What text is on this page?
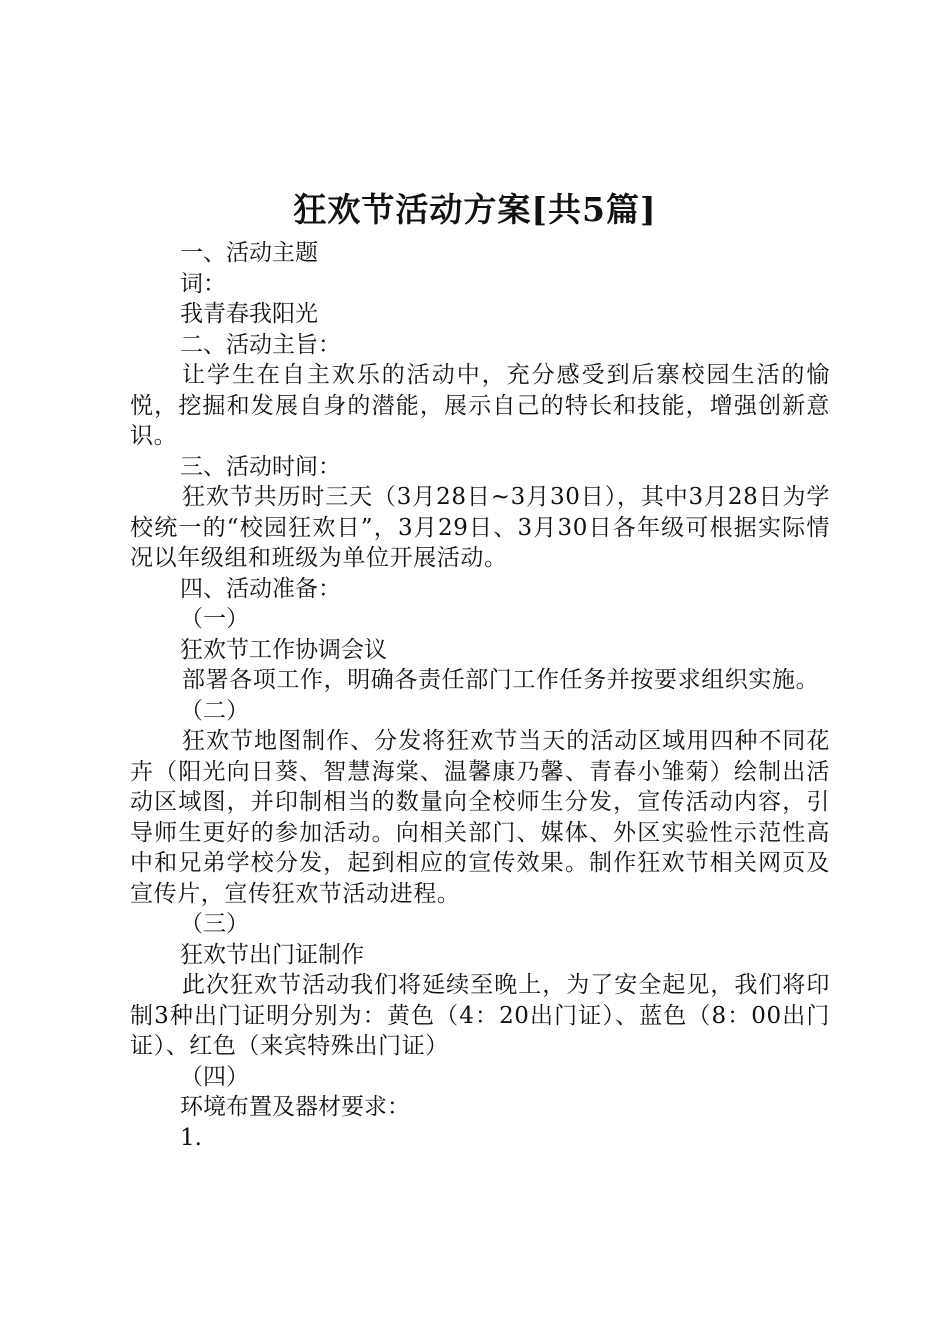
狂欢节活动方案[共5篇]
一、活动主题
词：
我青春我阳光
二、活动主旨：
让学生在自主欢乐的活动中，充分感受到后寨校园生活的愉悦，挖掘和发展自身的潜能，展示自己的特长和技能，增强创新意识。
三、活动时间：
狂欢节共历时三天（3月28日~3月30日），其中3月28日为学校统一的“校园狂欢日”，3月29日、3月30日各年级可根据实际情况以年级组和班级为单位开展活动。
四、活动准备：
（一）
狂欢节工作协调会议
部署各项工作，明确各责任部门工作任务并按要求组织实施。
（二）
狂欢节地图制作、分发将狂欢节当天的活动区域用四种不同花卉（阳光向日葵、智慧海棠、温馨康乃馨、青春小雏菊）绘制出活动区域图，并印制相当的数量向全校师生分发，宣传活动内容，引导师生更好的参加活动。向相关部门、媒体、外区实验性示范性高中和兄弟学校分发，起到相应的宣传效果。制作狂欢节相关网页及宣传片，宣传狂欢节活动进程。
（三）
狂欢节出门证制作
此次狂欢节活动我们将延续至晚上，为了安全起见，我们将印制3种出门证明分别为：黄色（4：20出门证）、蓝色（8：00出门证）、红色（来宾特殊出门证）
（四）
环境布置及器材要求：
1.
